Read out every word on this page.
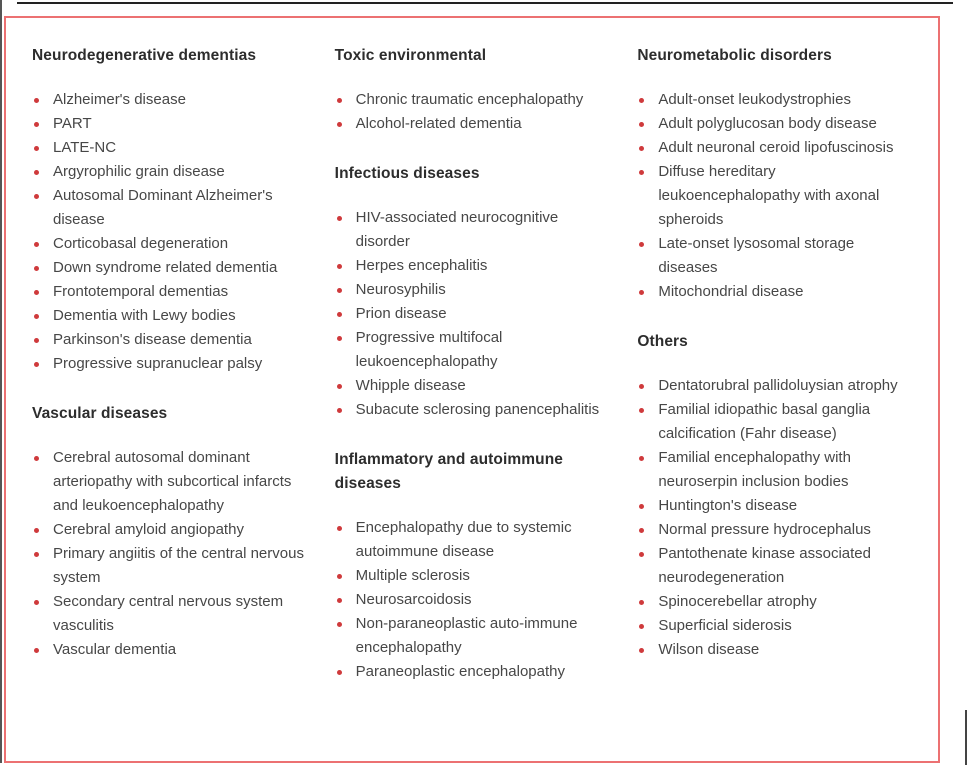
Neurodegenerative dementias
Alzheimer's disease
PART
LATE-NC
Argyrophilic grain disease
Autosomal Dominant Alzheimer's disease
Corticobasal degeneration
Down syndrome related dementia
Frontotemporal dementias
Dementia with Lewy bodies
Parkinson's disease dementia
Progressive supranuclear palsy
Vascular diseases
Cerebral autosomal dominant arteriopathy with subcortical infarcts and leukoencephalopathy
Cerebral amyloid angiopathy
Primary angiitis of the central nervous system
Secondary central nervous system vasculitis
Vascular dementia
Toxic environmental
Chronic traumatic encephalopathy
Alcohol-related dementia
Infectious diseases
HIV-associated neurocognitive disorder
Herpes encephalitis
Neurosyphilis
Prion disease
Progressive multifocal leukoencephalopathy
Whipple disease
Subacute sclerosing panencephalitis
Inflammatory and autoimmune diseases
Encephalopathy due to systemic autoimmune disease
Multiple sclerosis
Neurosarcoidosis
Non-paraneoplastic auto-immune encephalopathy
Paraneoplastic encephalopathy
Neurometabolic disorders
Adult-onset leukodystrophies
Adult polyglucosan body disease
Adult neuronal ceroid lipofuscinosis
Diffuse hereditary leukoencephalopathy with axonal spheroids
Late-onset lysosomal storage diseases
Mitochondrial disease
Others
Dentatorubral pallidoluysian atrophy
Familial idiopathic basal ganglia calcification (Fahr disease)
Familial encephalopathy with neuroserpin inclusion bodies
Huntington's disease
Normal pressure hydrocephalus
Pantothenate kinase associated neurodegeneration
Spinocerebellar atrophy
Superficial siderosis
Wilson disease
